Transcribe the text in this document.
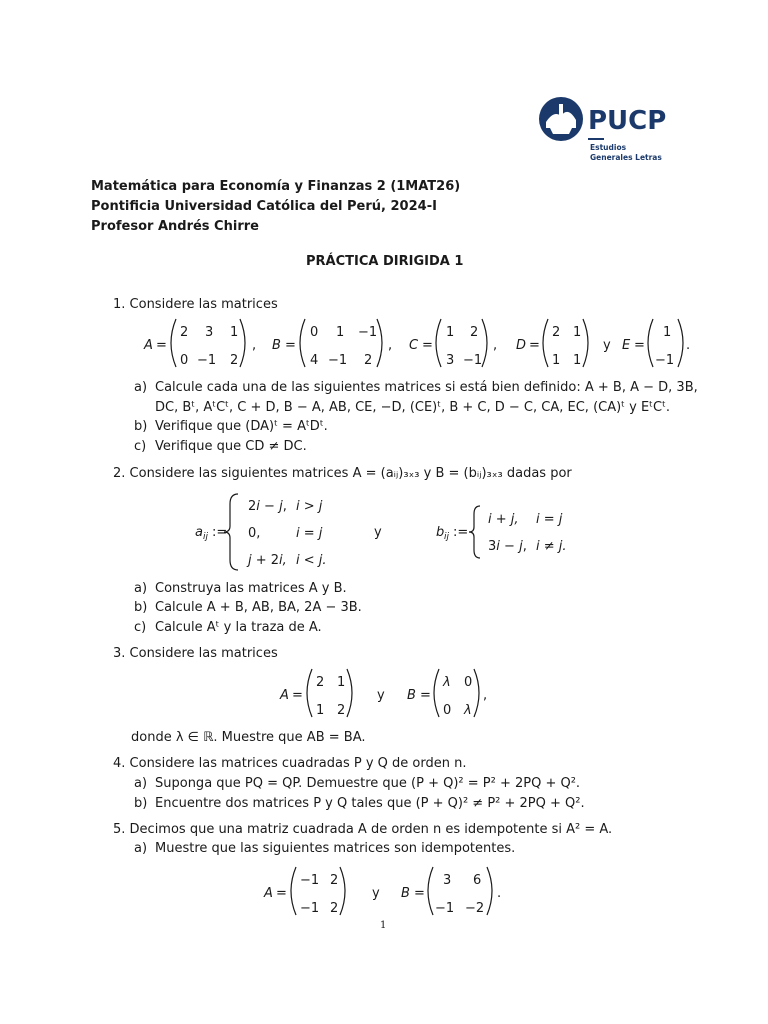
PUCP
Estudios
Generales Letras
Matemática para Economía y Finanzas 2 (1MAT26)
Pontificia Universidad Católica del Perú, 2024-I
Profesor Andrés Chirre
PRÁCTICA DIRIGIDA 1
1. Considere las matrices
A =
2 3 1
0 −1 2
, B =
0 1 −1
4 −1 2
, C =
1 2
3 −1
, D =
2 1
1 1
y E =
1
−1
.
a) Calcule cada una de las siguientes matrices si está bien definido: A + B, A − D, 3B,
DC, Bᵗ, AᵗCᵗ, C + D, B − A, AB, CE, −D, (CE)ᵗ, B + C, D − C, CA, EC, (CA)ᵗ y EᵗCᵗ.
b) Verifique que (DA)ᵗ = AᵗDᵗ.
c) Verifique que CD ≠ DC.
2. Considere las siguientes matrices A = (aᵢⱼ)₃ₓ₃ y B = (bᵢⱼ)₃ₓ₃ dadas por
a ij :=
2i − j, i > j
0,	i = j
j + 2i, i < j.
y	b ij :=
i + j, i = j
3i − j, i ≠ j.
a) Construya las matrices A y B.
b) Calcule A + B, AB, BA, 2A − 3B.
c) Calcule Aᵗ y la traza de A.
3. Considere las matrices
A =
2 1
1 2
y B =
λ 0
0 λ
,
donde λ ∈ ℝ. Muestre que AB = BA.
4. Considere las matrices cuadradas P y Q de orden n.
a) Suponga que PQ = QP. Demuestre que (P + Q)² = P² + 2PQ + Q².
b) Encuentre dos matrices P y Q tales que (P + Q)² ≠ P² + 2PQ + Q².
5. Decimos que una matriz cuadrada A de orden n es idempotente si A² = A.
a) Muestre que las siguientes matrices son idempotentes.
A =
−1 2
−1 2
y B =
3 6
−1 −2
.
1
